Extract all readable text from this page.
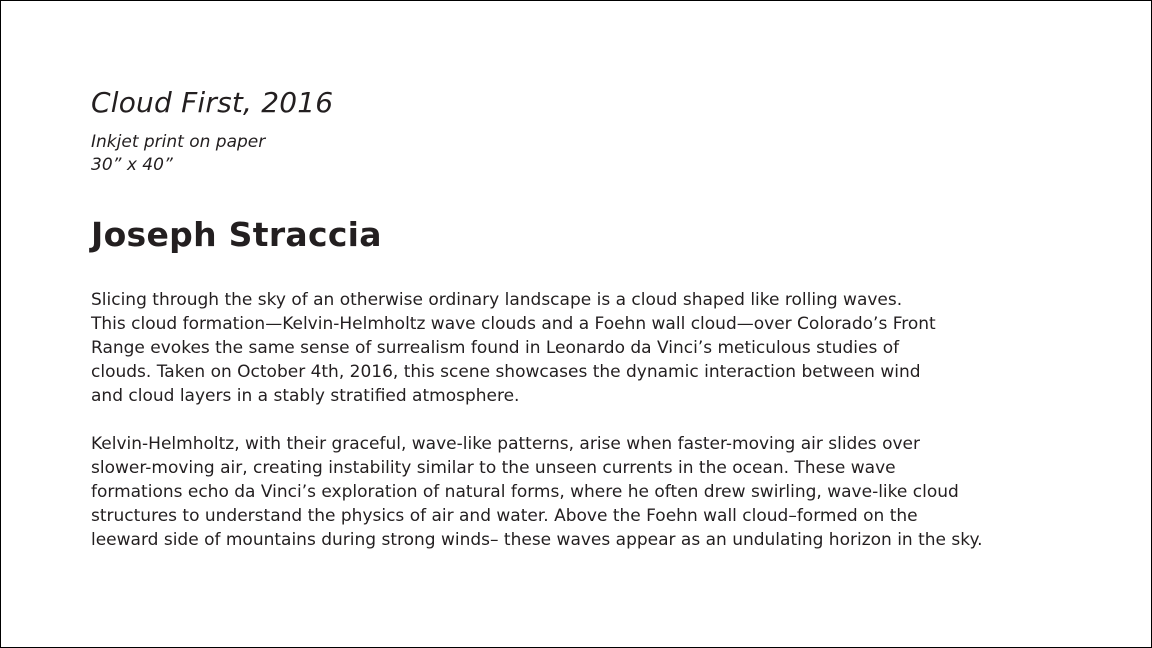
Cloud First, 2016

Inkjet print on paper

30” x 40”

Joseph Straccia

Slicing through the sky of an otherwise ordinary landscape is a cloud shaped like rolling waves.
This cloud formation—Kelvin-Helmholtz wave clouds and a Foehn wall cloud—over Colorado’s Front
Range evokes the same sense of surrealism found in Leonardo da Vinci’s meticulous studies of
clouds. Taken on October 4th, 2016, this scene showcases the dynamic interaction between wind
and cloud layers in a stably stratified atmosphere.

Kelvin-Helmholtz, with their graceful, wave-like patterns, arise when faster-moving air slides over
slower-moving air, creating instability similar to the unseen currents in the ocean. These wave
formations echo da Vinci’s exploration of natural forms, where he often drew swirling, wave-like cloud
structures to understand the physics of air and water. Above the Foehn wall cloud–formed on the
leeward side of mountains during strong winds– these waves appear as an undulating horizon in the sky.
